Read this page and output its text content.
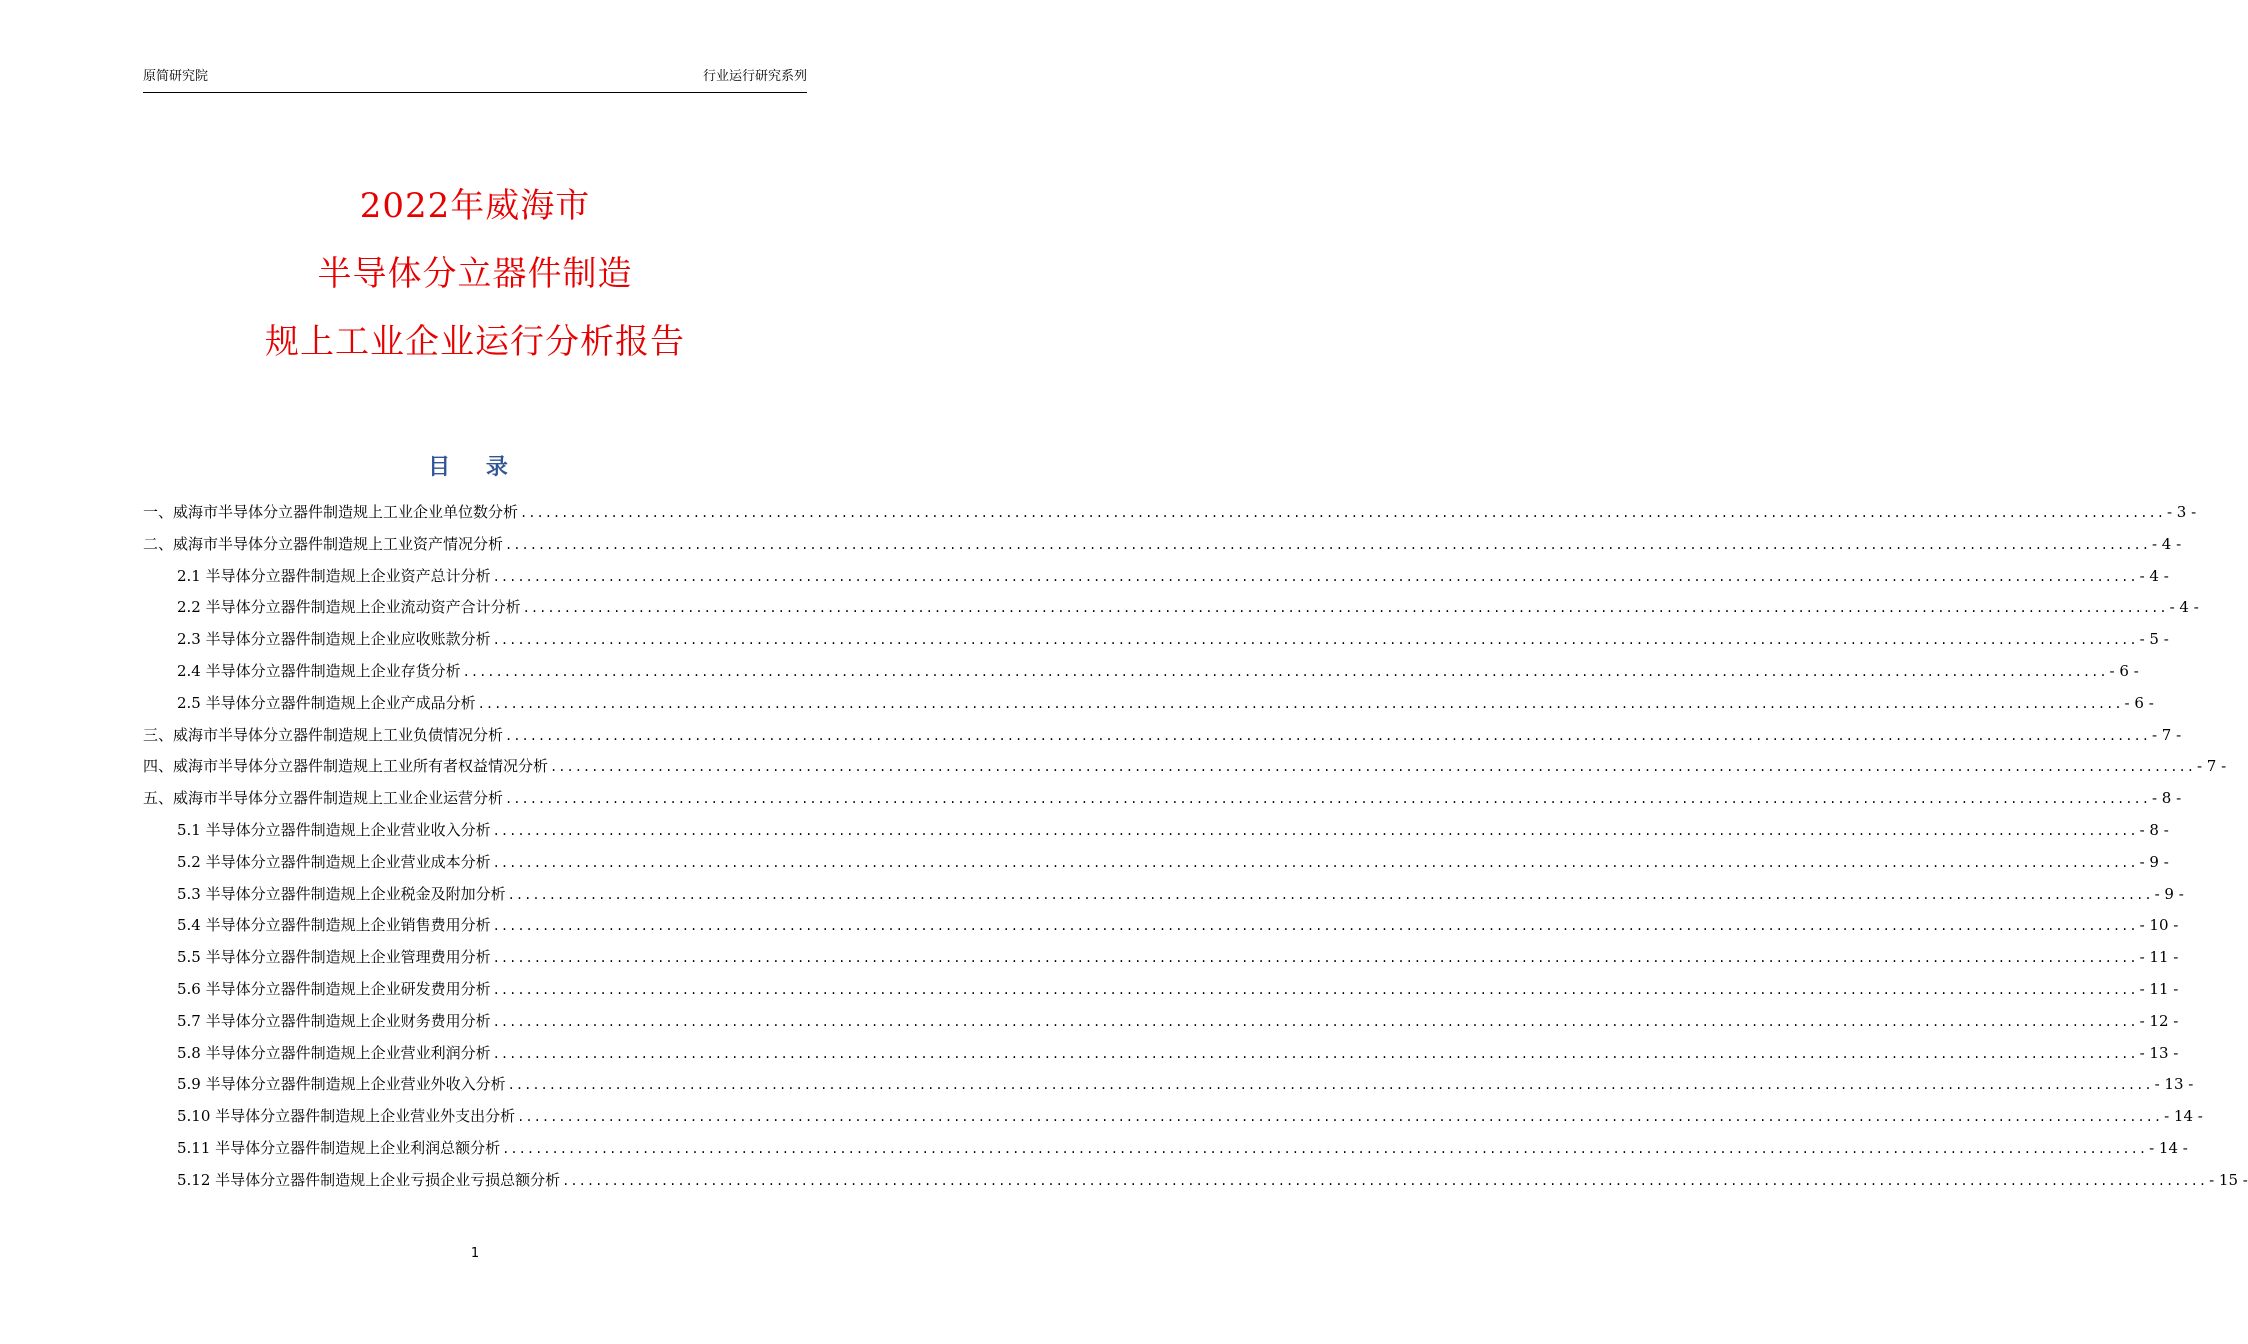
原简研究院	行业运行研究系列
2022年威海市
半导体分立器件制造
规上工业企业运行分析报告
目 录
一、威海市半导体分立器件制造规上工业企业单位数分析 ........................................................................................................................................................................................................ - 3 -
二、威海市半导体分立器件制造规上工业资产情况分析 ........................................................................................................................................................................................................ - 4 -
2.1 半导体分立器件制造规上企业资产总计分析 ........................................................................................................................................................................................................ - 4 -
2.2 半导体分立器件制造规上企业流动资产合计分析 ........................................................................................................................................................................................................ - 4 -
2.3 半导体分立器件制造规上企业应收账款分析 ........................................................................................................................................................................................................ - 5 -
2.4 半导体分立器件制造规上企业存货分析 ........................................................................................................................................................................................................ - 6 -
2.5 半导体分立器件制造规上企业产成品分析 ........................................................................................................................................................................................................ - 6 -
三、威海市半导体分立器件制造规上工业负债情况分析 ........................................................................................................................................................................................................ - 7 -
四、威海市半导体分立器件制造规上工业所有者权益情况分析 ........................................................................................................................................................................................................ - 7 -
五、威海市半导体分立器件制造规上工业企业运营分析 ........................................................................................................................................................................................................ - 8 -
5.1 半导体分立器件制造规上企业营业收入分析 ........................................................................................................................................................................................................ - 8 -
5.2 半导体分立器件制造规上企业营业成本分析 ........................................................................................................................................................................................................ - 9 -
5.3 半导体分立器件制造规上企业税金及附加分析 ........................................................................................................................................................................................................ - 9 -
5.4 半导体分立器件制造规上企业销售费用分析 ........................................................................................................................................................................................................ - 10 -
5.5 半导体分立器件制造规上企业管理费用分析 ........................................................................................................................................................................................................ - 11 -
5.6 半导体分立器件制造规上企业研发费用分析 ........................................................................................................................................................................................................ - 11 -
5.7 半导体分立器件制造规上企业财务费用分析 ........................................................................................................................................................................................................ - 12 -
5.8 半导体分立器件制造规上企业营业利润分析 ........................................................................................................................................................................................................ - 13 -
5.9 半导体分立器件制造规上企业营业外收入分析 ........................................................................................................................................................................................................ - 13 -
5.10 半导体分立器件制造规上企业营业外支出分析 ........................................................................................................................................................................................................ - 14 -
5.11 半导体分立器件制造规上企业利润总额分析 ........................................................................................................................................................................................................ - 14 -
5.12 半导体分立器件制造规上企业亏损企业亏损总额分析 ........................................................................................................................................................................................................ - 15 -
1
